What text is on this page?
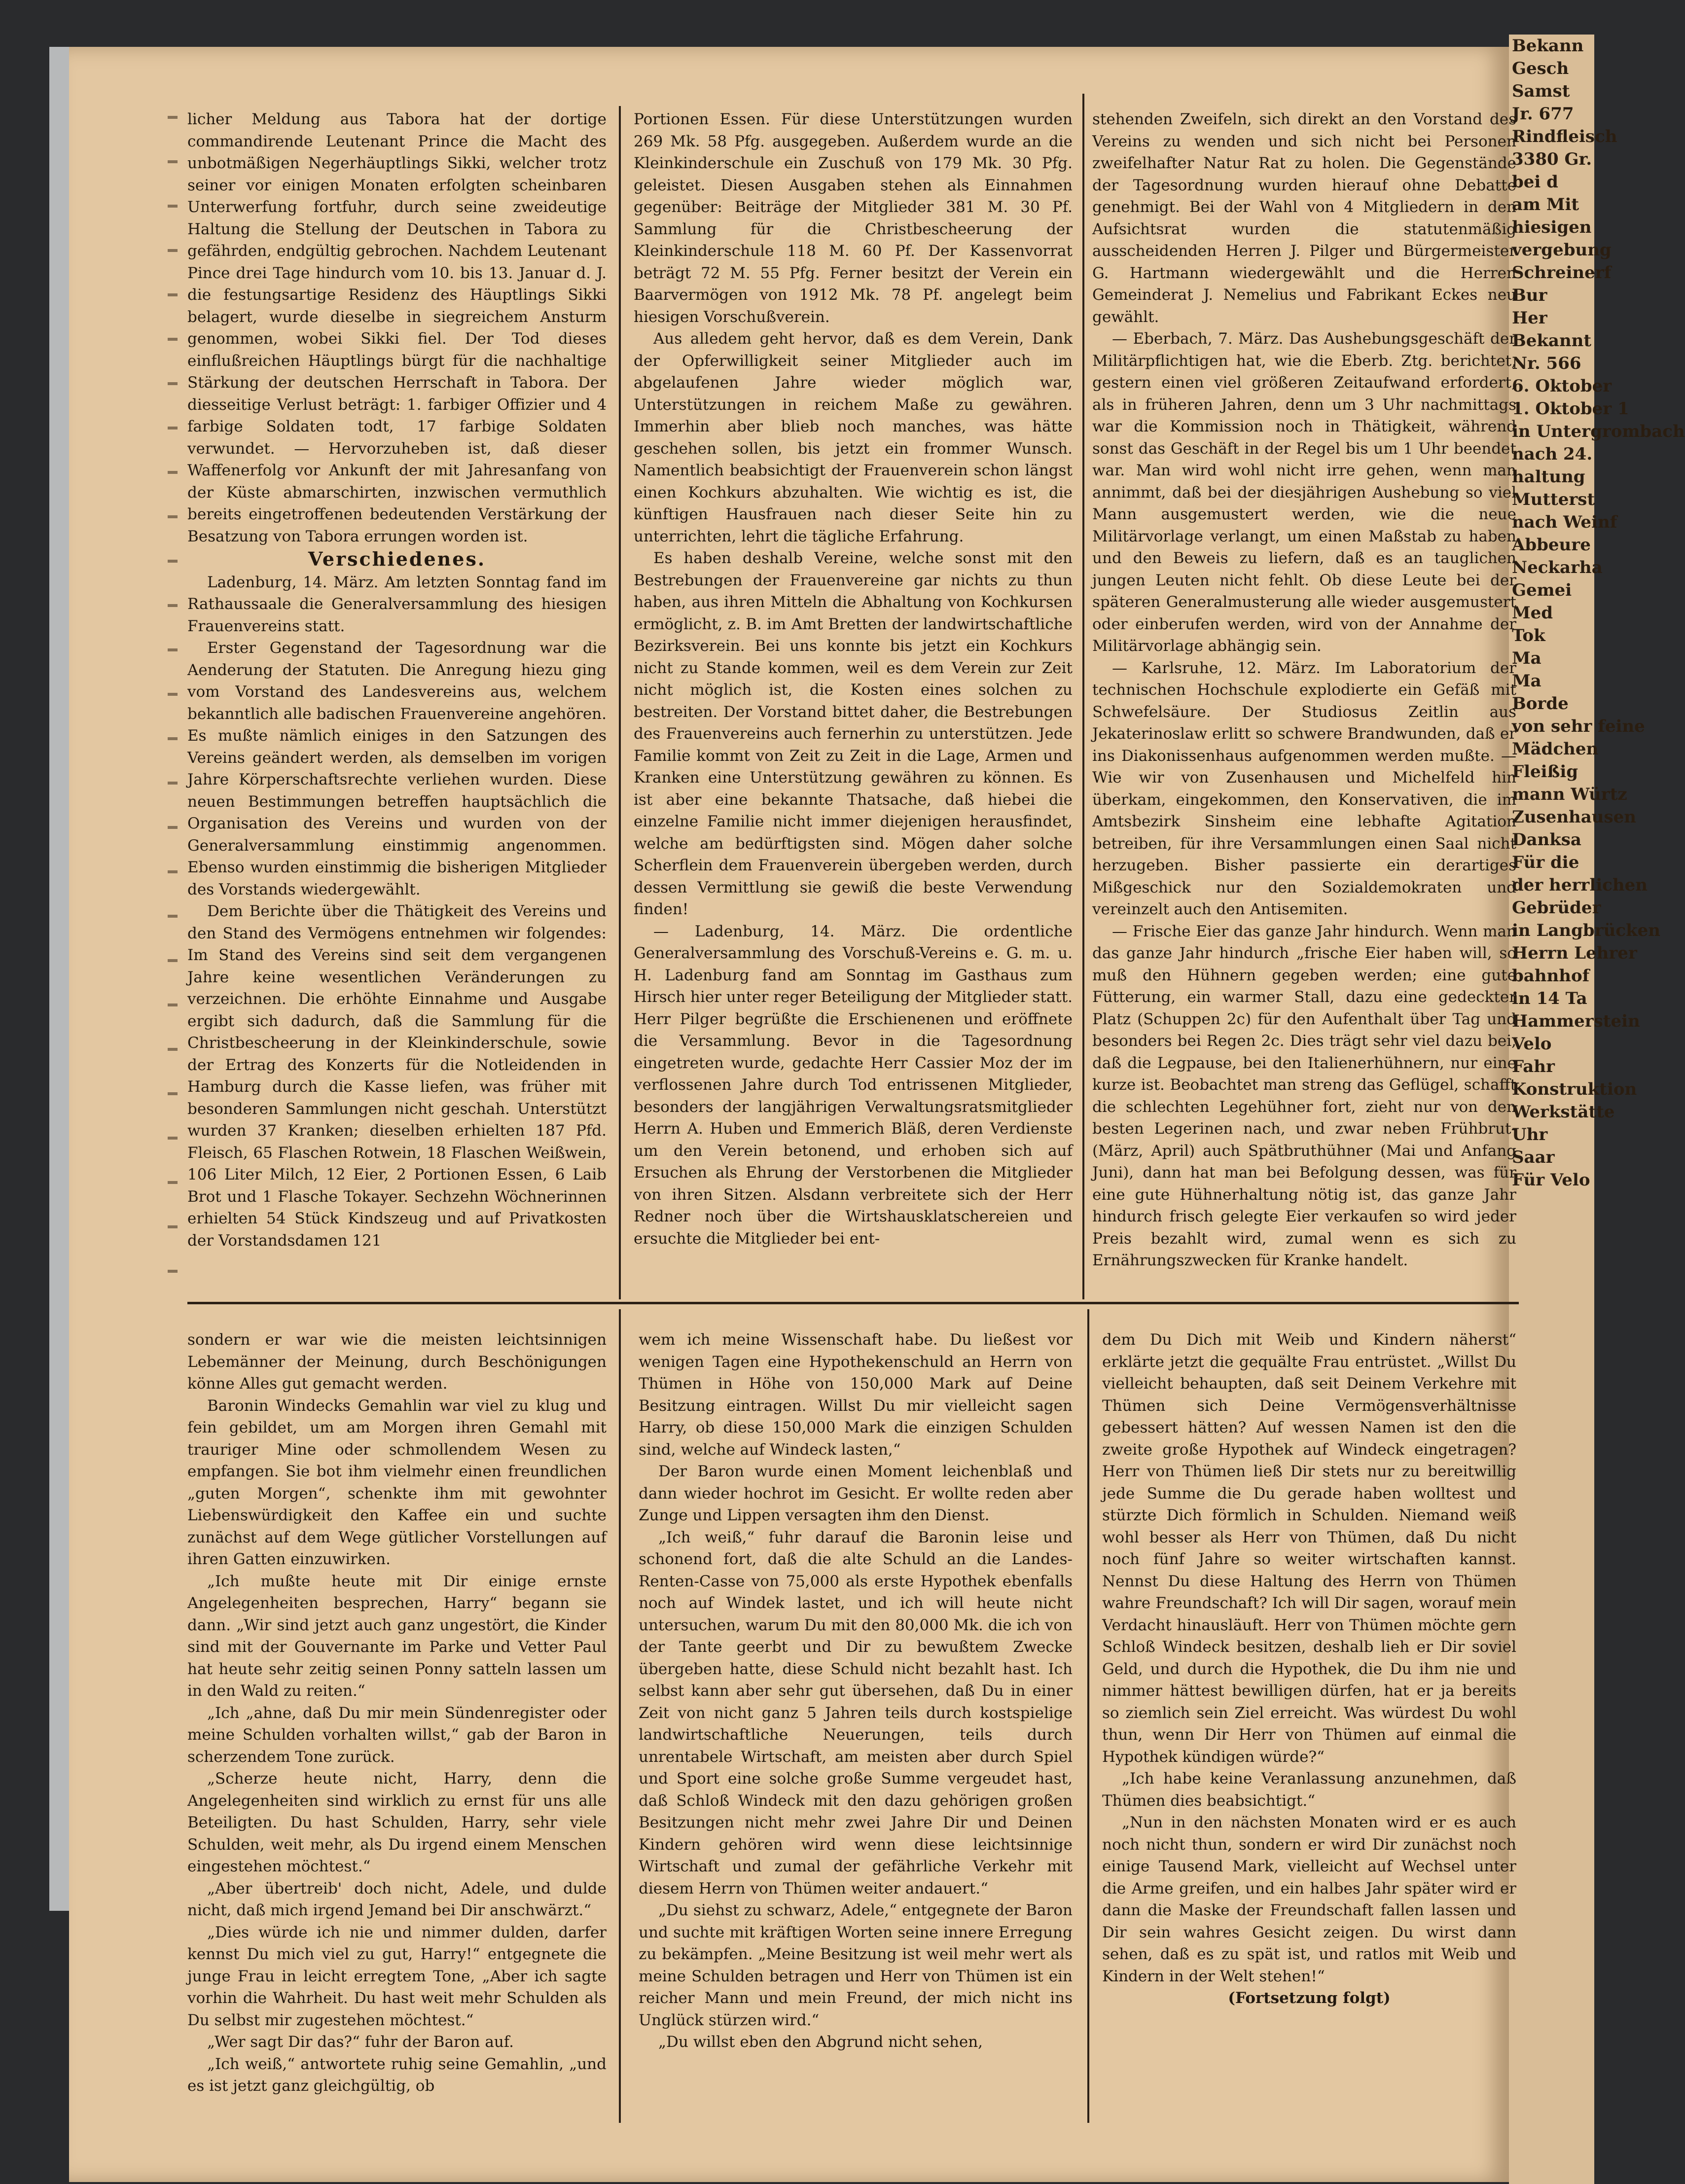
Bekann
Gesch
Samst
Jr. 677
Rindfleisch
3380 Gr.
bei d
am Mit
hiesigen
vergebung
Schreinerf
Bur
Her
Bekannt
Nr. 566
6. Oktober
1. Oktober 1
in Untergrombach
nach 24.
haltung
Mutterst
nach Weinf
Abbeure
Neckarha
Gemei
Med
Tok
Ma
Ma
Borde
von sehr feine
Mädchen
Fleißig
mann Würtz
Zusenhausen
Danksa
Für die
der herrlichen
Gebrüder
in Langbrücken
Herrn Lehrer
bahnhof
in 14 Ta
Hammerstein
Velo
Fahr
Konstruktion
Werkstätte
Uhr
Saar
Für Velo

licher Meldung aus Tabora hat der dortige commandirende Leutenant Prince die Macht des unbotmäßigen Negerhäuptlings Sikki, welcher trotz seiner vor einigen Monaten erfolgten scheinbaren Unterwerfung fortfuhr, durch seine zweideutige Haltung die Stellung der Deutschen in Tabora zu gefährden, endgültig gebrochen. Nachdem Leutenant Pince drei Tage hindurch vom 10. bis 13. Januar d. J. die festungsartige Residenz des Häuptlings Sikki belagert, wurde dieselbe in siegreichem Ansturm genommen, wobei Sikki fiel. Der Tod dieses einflußreichen Häuptlings bürgt für die nachhaltige Stärkung der deutschen Herrschaft in Tabora. Der diesseitige Verlust beträgt: 1. farbiger Offizier und 4 farbige Soldaten todt, 17 farbige Soldaten verwundet. — Hervorzuheben ist, daß dieser Waffenerfolg vor Ankunft der mit Jahresanfang von der Küste abmarschirten, inzwischen vermuthlich bereits eingetroffenen bedeutenden Verstärkung der Besatzung von Tabora errungen worden ist.

Verschiedenes.

Ladenburg, 14. März. Am letzten Sonntag fand im Rathaussaale die Generalversammlung des hiesigen Frauenvereins statt.

Erster Gegenstand der Tagesordnung war die Aenderung der Statuten. Die Anregung hiezu ging vom Vorstand des Landesvereins aus, welchem bekanntlich alle badischen Frauenvereine angehören. Es mußte nämlich einiges in den Satzungen des Vereins geändert werden, als demselben im vorigen Jahre Körperschaftsrechte verliehen wurden. Diese neuen Bestimmungen betreffen hauptsächlich die Organisation des Vereins und wurden von der Generalversammlung einstimmig angenommen. Ebenso wurden einstimmig die bisherigen Mitglieder des Vorstands wiedergewählt.

Dem Berichte über die Thätigkeit des Vereins und den Stand des Vermögens entnehmen wir folgendes: Im Stand des Vereins sind seit dem vergangenen Jahre keine wesentlichen Veränderungen zu verzeichnen. Die erhöhte Einnahme und Ausgabe ergibt sich dadurch, daß die Sammlung für die Christbescheerung in der Kleinkinderschule, sowie der Ertrag des Konzerts für die Notleidenden in Hamburg durch die Kasse liefen, was früher mit besonderen Sammlungen nicht geschah. Unterstützt wurden 37 Kranken; dieselben erhielten 187 Pfd. Fleisch, 65 Flaschen Rotwein, 18 Flaschen Weißwein, 106 Liter Milch, 12 Eier, 2 Portionen Essen, 6 Laib Brot und 1 Flasche Tokayer. Sechzehn Wöchnerinnen erhielten 54 Stück Kindszeug und auf Privatkosten der Vorstandsdamen 121

Portionen Essen. Für diese Unterstützungen wurden 269 Mk. 58 Pfg. ausgegeben. Außerdem wurde an die Kleinkinderschule ein Zuschuß von 179 Mk. 30 Pfg. geleistet. Diesen Ausgaben stehen als Einnahmen gegenüber: Beiträge der Mitglieder 381 M. 30 Pf. Sammlung für die Christbescheerung der Kleinkinderschule 118 M. 60 Pf. Der Kassenvorrat beträgt 72 M. 55 Pfg. Ferner besitzt der Verein ein Baarvermögen von 1912 Mk. 78 Pf. angelegt beim hiesigen Vorschußverein.

Aus alledem geht hervor, daß es dem Verein, Dank der Opferwilligkeit seiner Mitglieder auch im abgelaufenen Jahre wieder möglich war, Unterstützungen in reichem Maße zu gewähren. Immerhin aber blieb noch manches, was hätte geschehen sollen, bis jetzt ein frommer Wunsch. Namentlich beabsichtigt der Frauenverein schon längst einen Kochkurs abzuhalten. Wie wichtig es ist, die künftigen Hausfrauen nach dieser Seite hin zu unterrichten, lehrt die tägliche Erfahrung.

Es haben deshalb Vereine, welche sonst mit den Bestrebungen der Frauenvereine gar nichts zu thun haben, aus ihren Mitteln die Abhaltung von Kochkursen ermöglicht, z. B. im Amt Bretten der landwirtschaftliche Bezirksverein. Bei uns konnte bis jetzt ein Kochkurs nicht zu Stande kommen, weil es dem Verein zur Zeit nicht möglich ist, die Kosten eines solchen zu bestreiten. Der Vorstand bittet daher, die Bestrebungen des Frauenvereins auch fernerhin zu unterstützen. Jede Familie kommt von Zeit zu Zeit in die Lage, Armen und Kranken eine Unterstützung gewähren zu können. Es ist aber eine bekannte Thatsache, daß hiebei die einzelne Familie nicht immer diejenigen herausfindet, welche am bedürftigsten sind. Mögen daher solche Scherflein dem Frauenverein übergeben werden, durch dessen Vermittlung sie gewiß die beste Verwendung finden!

— Ladenburg, 14. März. Die ordentliche Generalversammlung des Vorschuß-Vereins e. G. m. u. H. Ladenburg fand am Sonntag im Gasthaus zum Hirsch hier unter reger Beteiligung der Mitglieder statt. Herr Pilger begrüßte die Erschienenen und eröffnete die Versammlung. Bevor in die Tagesordnung eingetreten wurde, gedachte Herr Cassier Moz der im verflossenen Jahre durch Tod entrissenen Mitglieder, besonders der langjährigen Verwaltungsratsmitglieder Herrn A. Huben und Emmerich Bläß, deren Verdienste um den Verein betonend, und erhoben sich auf Ersuchen als Ehrung der Verstorbenen die Mitglieder von ihren Sitzen. Alsdann verbreitete sich der Herr Redner noch über die Wirtshausklatschereien und ersuchte die Mitglieder bei ent-

stehenden Zweifeln, sich direkt an den Vorstand des Vereins zu wenden und sich nicht bei Personen zweifelhafter Natur Rat zu holen. Die Gegenstände der Tagesordnung wurden hierauf ohne Debatte genehmigt. Bei der Wahl von 4 Mitgliedern in den Aufsichtsrat wurden die statutenmäßig ausscheidenden Herren J. Pilger und Bürgermeister G. Hartmann wiedergewählt und die Herren Gemeinderat J. Nemelius und Fabrikant Eckes neu gewählt.

— Eberbach, 7. März. Das Aushebungsgeschäft der Militärpflichtigen hat, wie die Eberb. Ztg. berichtet, gestern einen viel größeren Zeitaufwand erfordert, als in früheren Jahren, denn um 3 Uhr nachmittags war die Kommission noch in Thätigkeit, während sonst das Geschäft in der Regel bis um 1 Uhr beendet war. Man wird wohl nicht irre gehen, wenn man annimmt, daß bei der diesjährigen Aushebung so viel Mann ausgemustert werden, wie die neue Militärvorlage verlangt, um einen Maßstab zu haben und den Beweis zu liefern, daß es an tauglichen jungen Leuten nicht fehlt. Ob diese Leute bei der späteren Generalmusterung alle wieder ausgemustert oder einberufen werden, wird von der Annahme der Militärvorlage abhängig sein.

— Karlsruhe, 12. März. Im Laboratorium der technischen Hochschule explodierte ein Gefäß mit Schwefelsäure. Der Studiosus Zeitlin aus Jekaterinoslaw erlitt so schwere Brandwunden, daß er ins Diakonissenhaus aufgenommen werden mußte. — Wie wir von Zusenhausen und Michelfeld hin überkam, eingekommen, den Konservativen, die im Amtsbezirk Sinsheim eine lebhafte Agitation betreiben, für ihre Versammlungen einen Saal nicht herzugeben. Bisher passierte ein derartiges Mißgeschick nur den Sozialdemokraten und vereinzelt auch den Antisemiten.

— Frische Eier das ganze Jahr hindurch. Wenn man das ganze Jahr hindurch „frische Eier haben will, so muß den Hühnern gegeben werden; eine gute Fütterung, ein warmer Stall, dazu eine gedeckter Platz (Schuppen 2c) für den Aufenthalt über Tag und besonders bei Regen 2c. Dies trägt sehr viel dazu bei, daß die Legpause, bei den Italienerhühnern, nur eine kurze ist. Beobachtet man streng das Geflügel, schafft die schlechten Legehühner fort, zieht nur von den besten Legerinen nach, und zwar neben Frühbrut- (März, April) auch Spätbruthühner (Mai und Anfang Juni), dann hat man bei Befolgung dessen, was für eine gute Hühnerhaltung nötig ist, das ganze Jahr hindurch frisch gelegte Eier verkaufen so wird jeder Preis bezahlt wird, zumal wenn es sich zu Ernährungszwecken für Kranke handelt.

sondern er war wie die meisten leichtsinnigen Lebemänner der Meinung, durch Beschönigungen könne Alles gut gemacht werden.

Baronin Windecks Gemahlin war viel zu klug und fein gebildet, um am Morgen ihren Gemahl mit trauriger Mine oder schmollendem Wesen zu empfangen. Sie bot ihm vielmehr einen freundlichen „guten Morgen“, schenkte ihm mit gewohnter Liebenswürdigkeit den Kaffee ein und suchte zunächst auf dem Wege gütlicher Vorstellungen auf ihren Gatten einzuwirken.

„Ich mußte heute mit Dir einige ernste Angelegenheiten besprechen, Harry“ begann sie dann. „Wir sind jetzt auch ganz ungestört, die Kinder sind mit der Gouvernante im Parke und Vetter Paul hat heute sehr zeitig seinen Ponny satteln lassen um in den Wald zu reiten.“

„Ich „ahne, daß Du mir mein Sündenregister oder meine Schulden vorhalten willst,“ gab der Baron in scherzendem Tone zurück.

„Scherze heute nicht, Harry, denn die Angelegenheiten sind wirklich zu ernst für uns alle Beteiligten. Du hast Schulden, Harry, sehr viele Schulden, weit mehr, als Du irgend einem Menschen eingestehen möchtest.“

„Aber übertreib' doch nicht, Adele, und dulde nicht, daß mich irgend Jemand bei Dir anschwärzt.“

„Dies würde ich nie und nimmer dulden, darfer kennst Du mich viel zu gut, Harry!“ entgegnete die junge Frau in leicht erregtem Tone, „Aber ich sagte vorhin die Wahrheit. Du hast weit mehr Schulden als Du selbst mir zugestehen möchtest.“

„Wer sagt Dir das?“ fuhr der Baron auf.

„Ich weiß,“ antwortete ruhig seine Gemahlin, „und es ist jetzt ganz gleichgültig, ob

wem ich meine Wissenschaft habe. Du ließest vor wenigen Tagen eine Hypothekenschuld an Herrn von Thümen in Höhe von 150,000 Mark auf Deine Besitzung eintragen. Willst Du mir vielleicht sagen Harry, ob diese 150,000 Mark die einzigen Schulden sind, welche auf Windeck lasten,“

Der Baron wurde einen Moment leichenblaß und dann wieder hochrot im Gesicht. Er wollte reden aber Zunge und Lippen versagten ihm den Dienst.

„Ich weiß,“ fuhr darauf die Baronin leise und schonend fort, daß die alte Schuld an die Landes-Renten-Casse von 75,000 als erste Hypothek ebenfalls noch auf Windek lastet, und ich will heute nicht untersuchen, warum Du mit den 80,000 Mk. die ich von der Tante geerbt und Dir zu bewußtem Zwecke übergeben hatte, diese Schuld nicht bezahlt hast. Ich selbst kann aber sehr gut übersehen, daß Du in einer Zeit von nicht ganz 5 Jahren teils durch kostspielige landwirtschaftliche Neuerungen, teils durch unrentabele Wirtschaft, am meisten aber durch Spiel und Sport eine solche große Summe vergeudet hast, daß Schloß Windeck mit den dazu gehörigen großen Besitzungen nicht mehr zwei Jahre Dir und Deinen Kindern gehören wird wenn diese leichtsinnige Wirtschaft und zumal der gefährliche Verkehr mit diesem Herrn von Thümen weiter andauert.“

„Du siehst zu schwarz, Adele,“ entgegnete der Baron und suchte mit kräftigen Worten seine innere Erregung zu bekämpfen. „Meine Besitzung ist weil mehr wert als meine Schulden betragen und Herr von Thümen ist ein reicher Mann und mein Freund, der mich nicht ins Unglück stürzen wird.“

„Du willst eben den Abgrund nicht sehen,

dem Du Dich mit Weib und Kindern näherst“ erklärte jetzt die gequälte Frau entrüstet. „Willst Du vielleicht behaupten, daß seit Deinem Verkehre mit Thümen sich Deine Vermögensverhältnisse gebessert hätten? Auf wessen Namen ist den die zweite große Hypothek auf Windeck eingetragen? Herr von Thümen ließ Dir stets nur zu bereitwillig jede Summe die Du gerade haben wolltest und stürzte Dich förmlich in Schulden. Niemand weiß wohl besser als Herr von Thümen, daß Du nicht noch fünf Jahre so weiter wirtschaften kannst. Nennst Du diese Haltung des Herrn von Thümen wahre Freundschaft? Ich will Dir sagen, worauf mein Verdacht hinausläuft. Herr von Thümen möchte gern Schloß Windeck besitzen, deshalb lieh er Dir soviel Geld, und durch die Hypothek, die Du ihm nie und nimmer hättest bewilligen dürfen, hat er ja bereits so ziemlich sein Ziel erreicht. Was würdest Du wohl thun, wenn Dir Herr von Thümen auf einmal die Hypothek kündigen würde?“

„Ich habe keine Veranlassung anzunehmen, daß Thümen dies beabsichtigt.“

„Nun in den nächsten Monaten wird er es auch noch nicht thun, sondern er wird Dir zunächst noch einige Tausend Mark, vielleicht auf Wechsel unter die Arme greifen, und ein halbes Jahr später wird er dann die Maske der Freundschaft fallen lassen und Dir sein wahres Gesicht zeigen. Du wirst dann sehen, daß es zu spät ist, und ratlos mit Weib und Kindern in der Welt stehen!“

(Fortsetzung folgt)
